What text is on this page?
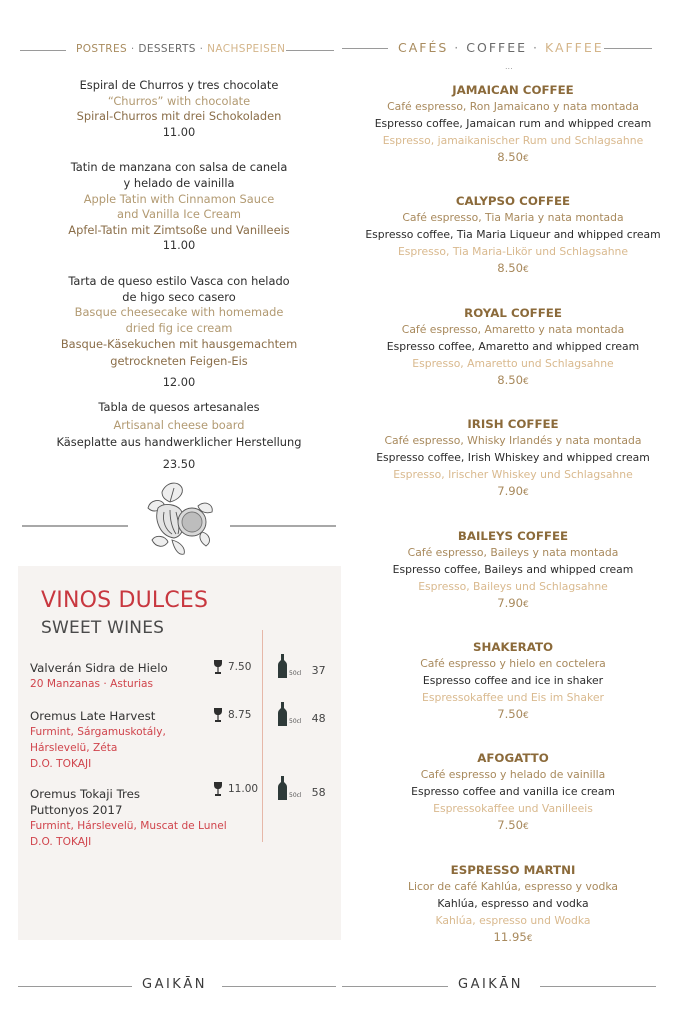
POSTRES · DESSERTS · NACHSPEISEN	CAFÉS · COFFEE · KAFFEE
...
Espiral de Churros y tres chocolate
“Churros” with chocolate
Spiral-Churros mit drei Schokoladen
11.00
Tatin de manzana con salsa de canela
y helado de vainilla
Apple Tatin with Cinnamon Sauce
and Vanilla Ice Cream
Apfel-Tatin mit Zimtsoße und Vanilleeis
11.00
Tarta de queso estilo Vasca con helado
de higo seco casero
Basque cheesecake with homemade
dried fig ice cream
Basque-Käsekuchen mit hausgemachtem
getrockneten Feigen-Eis
12.00
Tabla de quesos artesanales
Artisanal cheese board
Käseplatte aus handwerklicher Herstellung
23.50
VINOS DULCES
SWEET WINES
Valverán Sidra de Hielo
20 Manzanas · Asturias
7.50
50cl 37
Oremus Late Harvest
Furmint, Sárgamuskotály,
Hárslevelü, Zéta
D.O. TOKAJI
8.75
50cl 48
Oremus Tokaji Tres
Puttonyos 2017
Furmint, Hárslevelü, Muscat de Lunel
D.O. TOKAJI
11.00
50cl 58
JAMAICAN COFFEE
Café espresso, Ron Jamaicano y nata montada
Espresso coffee, Jamaican rum and whipped cream
Espresso, jamaikanischer Rum und Schlagsahne
8.50€
CALYPSO COFFEE
Café espresso, Tia Maria y nata montada
Espresso coffee, Tia Maria Liqueur and whipped cream
Espresso, Tia Maria-Likör und Schlagsahne
8.50€
ROYAL COFFEE
Café espresso, Amaretto y nata montada
Espresso coffee, Amaretto and whipped cream
Espresso, Amaretto und Schlagsahne
8.50€
IRISH COFFEE
Café espresso, Whisky Irlandés y nata montada
Espresso coffee, Irish Whiskey and whipped cream
Espresso, Irischer Whiskey und Schlagsahne
7.90€
BAILEYS COFFEE
Café espresso, Baileys y nata montada
Espresso coffee, Baileys and whipped cream
Espresso, Baileys und Schlagsahne
7.90€
SHAKERATO
Café espresso y hielo en coctelera
Espresso coffee and ice in shaker
Espressokaffee und Eis im Shaker
7.50€
AFOGATTO
Café espresso y helado de vainilla
Espresso coffee and vanilla ice cream
Espressokaffee und Vanilleeis
7.50€
ESPRESSO MARTNI
Licor de café Kahlúa, espresso y vodka
Kahlúa, espresso and vodka
Kahlúa, espresso und Wodka
11.95€
GAIKĀN	GAIKĀN
